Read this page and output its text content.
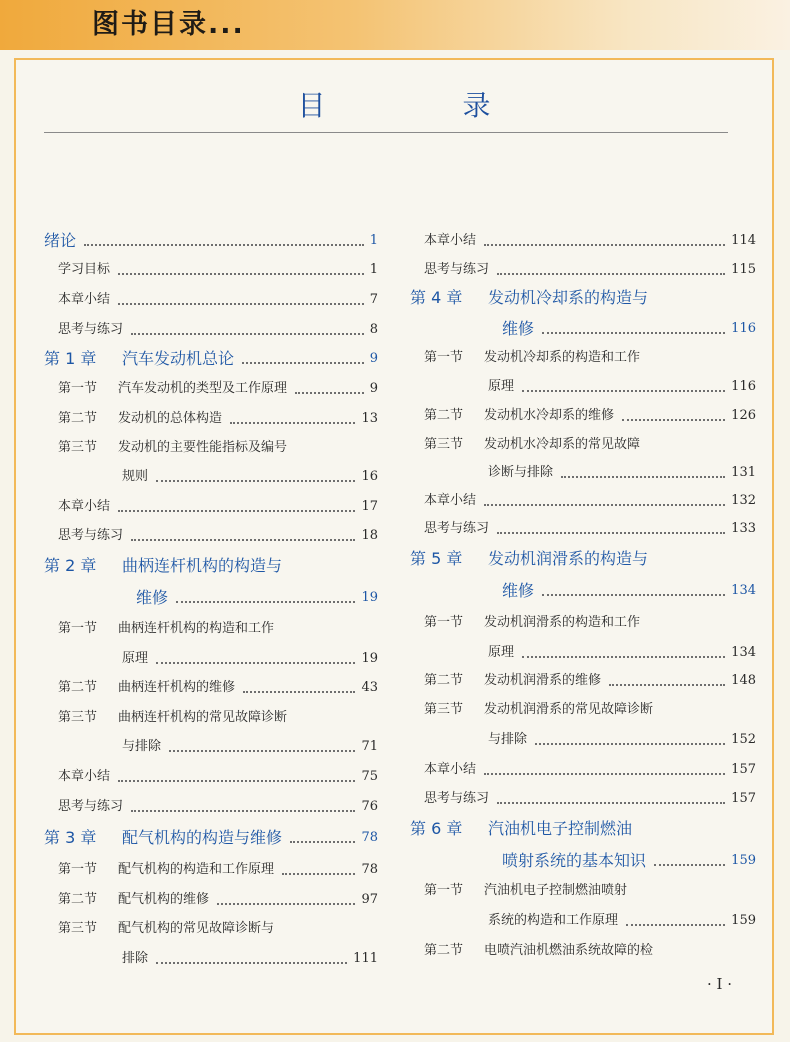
图书目录...
目 录
绪论	1
学习目标	1
本章小结	7
思考与练习	8
第 1 章 汽车发动机总论	9
第一节 汽车发动机的类型及工作原理	9
第二节 发动机的总体构造	13
第三节 发动机的主要性能指标及编号
规则	16
本章小结	17
思考与练习	18
第 2 章 曲柄连杆机构的构造与
维修	19
第一节 曲柄连杆机构的构造和工作
原理	19
第二节 曲柄连杆机构的维修	43
第三节 曲柄连杆机构的常见故障诊断
与排除	71
本章小结	75
思考与练习	76
第 3 章 配气机构的构造与维修	78
第一节 配气机构的构造和工作原理	78
第二节 配气机构的维修	97
第三节 配气机构的常见故障诊断与
排除	111
本章小结	114
思考与练习	115
第 4 章 发动机冷却系的构造与
维修	116
第一节 发动机冷却系的构造和工作
原理	116
第二节 发动机水冷却系的维修	126
第三节 发动机水冷却系的常见故障
诊断与排除	131
本章小结	132
思考与练习	133
第 5 章 发动机润滑系的构造与
维修	134
第一节 发动机润滑系的构造和工作
原理	134
第二节 发动机润滑系的维修	148
第三节 发动机润滑系的常见故障诊断
与排除	152
本章小结	157
思考与练习	157
第 6 章 汽油机电子控制燃油
喷射系统的基本知识	159
第一节 汽油机电子控制燃油喷射
系统的构造和工作原理	159
第二节 电喷汽油机燃油系统故障的检
· I ·
